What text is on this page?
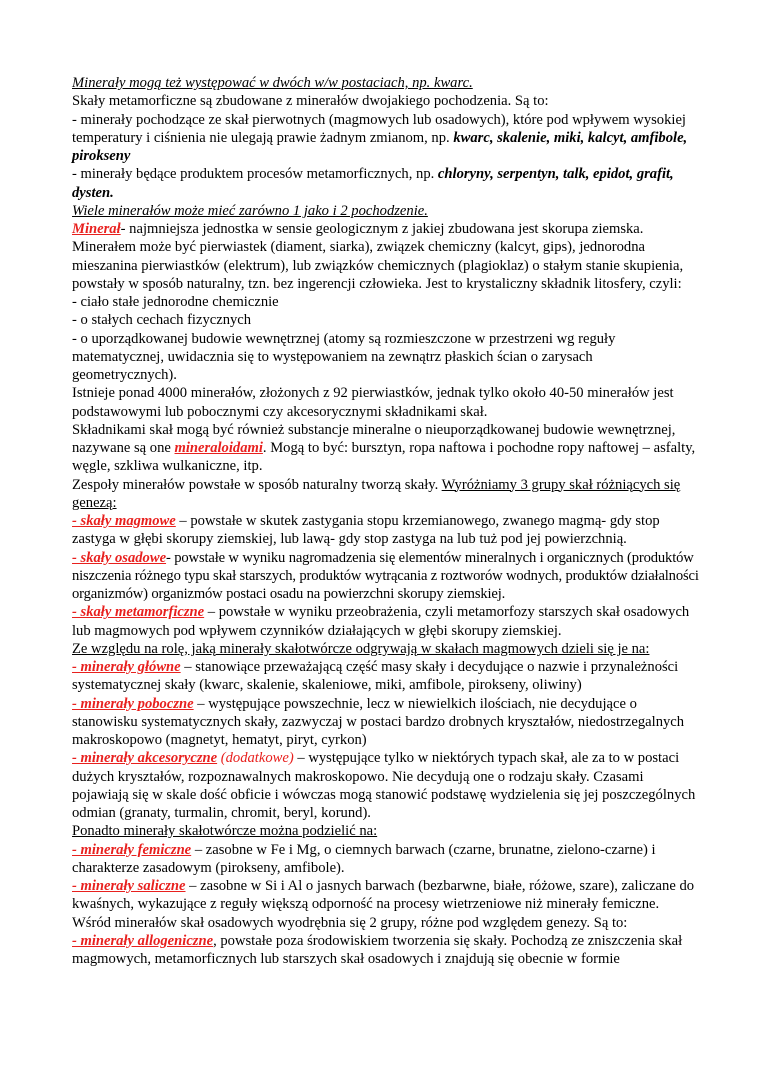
Minerały mogą też występować w dwóch w/w postaciach, np. kwarc.

Skały metamorficzne są zbudowane z minerałów dwojakiego pochodzenia. Są to:

- minerały pochodzące ze skał pierwotnych (magmowych lub osadowych), które pod wpływem wysokiej temperatury i ciśnienia nie ulegają prawie żadnym zmianom, np. kwarc, skalenie, miki, kalcyt, amfibole, pirokseny

- minerały będące produktem procesów metamorficznych, np. chloryny, serpentyn, talk, epidot, grafit, dysten.

Wiele minerałów może mieć zarówno 1 jako i 2 pochodzenie.

Minerał- najmniejsza jednostka w sensie geologicznym z jakiej zbudowana jest skorupa ziemska. Minerałem może być pierwiastek (diament, siarka), związek chemiczny (kalcyt, gips), jednorodna mieszanina pierwiastków (elektrum), lub związków chemicznych (plagioklaz) o stałym stanie skupienia, powstały w sposób naturalny, tzn. bez ingerencji człowieka. Jest to krystaliczny składnik litosfery, czyli:

- ciało stałe jednorodne chemicznie

- o stałych cechach fizycznych

- o uporządkowanej budowie wewnętrznej (atomy są rozmieszczone w przestrzeni wg reguły matematycznej, uwidacznia się to występowaniem na zewnątrz płaskich ścian o zarysach geometrycznych).

Istnieje ponad 4000 minerałów, złożonych z 92 pierwiastków, jednak tylko około 40-50 minerałów jest podstawowymi lub pobocznymi czy akcesorycznymi składnikami skał.

Składnikami skał mogą być również substancje mineralne o nieuporządkowanej budowie wewnętrznej, nazywane są one mineraloidami. Mogą to być: bursztyn, ropa naftowa i pochodne ropy naftowej – asfalty, węgle, szkliwa wulkaniczne, itp.

Zespoły minerałów powstałe w sposób naturalny tworzą skały. Wyróżniamy 3 grupy skał różniących się genezą:

- skały magmowe – powstałe w skutek zastygania stopu krzemianowego, zwanego magmą- gdy stop zastyga w głębi skorupy ziemskiej, lub lawą- gdy stop zastyga na lub tuż pod jej powierzchnią.

- skały osadowe- powstałe w wyniku nagromadzenia się elementów mineralnych i organicznych (produktów niszczenia różnego typu skał starszych, produktów wytrącania z roztworów wodnych, produktów działalności organizmów) organizmów postaci osadu na powierzchni skorupy ziemskiej.

- skały metamorficzne – powstałe w wyniku przeobrażenia, czyli metamorfozy starszych skał osadowych lub magmowych pod wpływem czynników działających w głębi skorupy ziemskiej.

Ze względu na rolę, jaką minerały skałotwórcze odgrywają w skałach magmowych dzieli się je na:

- minerały główne – stanowiące przeważającą część masy skały i decydujące o nazwie i przynależności systematycznej skały (kwarc, skalenie, skaleniowe, miki, amfibole, pirokseny, oliwiny)

- minerały poboczne – występujące powszechnie, lecz w niewielkich ilościach, nie decydujące o stanowisku systematycznych skały, zazwyczaj w postaci bardzo drobnych kryształów, niedostrzegalnych makroskopowo (magnetyt, hematyt, piryt, cyrkon)

- minerały akcesoryczne (dodatkowe) – występujące tylko w niektórych typach skał, ale za to w postaci dużych kryształów, rozpoznawalnych makroskopowo. Nie decydują one o rodzaju skały. Czasami pojawiają się w skale dość obficie i wówczas mogą stanowić podstawę wydzielenia się jej poszczególnych odmian (granaty, turmalin, chromit, beryl, korund).

Ponadto minerały skałotwórcze można podzielić na:

- minerały femiczne – zasobne w Fe i Mg, o ciemnych barwach (czarne, brunatne, zielono-czarne) i charakterze zasadowym (pirokseny, amfibole).

- minerały saliczne – zasobne w Si i Al o jasnych barwach (bezbarwne, białe, różowe, szare), zaliczane do kwaśnych, wykazujące z reguły większą odporność na procesy wietrzeniowe niż minerały femiczne.

Wśród minerałów skał osadowych wyodrębnia się 2 grupy, różne pod względem genezy. Są to:

- minerały allogeniczne, powstałe poza środowiskiem tworzenia się skały. Pochodzą ze zniszczenia skał magmowych, metamorficznych lub starszych skał osadowych i znajdują się obecnie w formie
